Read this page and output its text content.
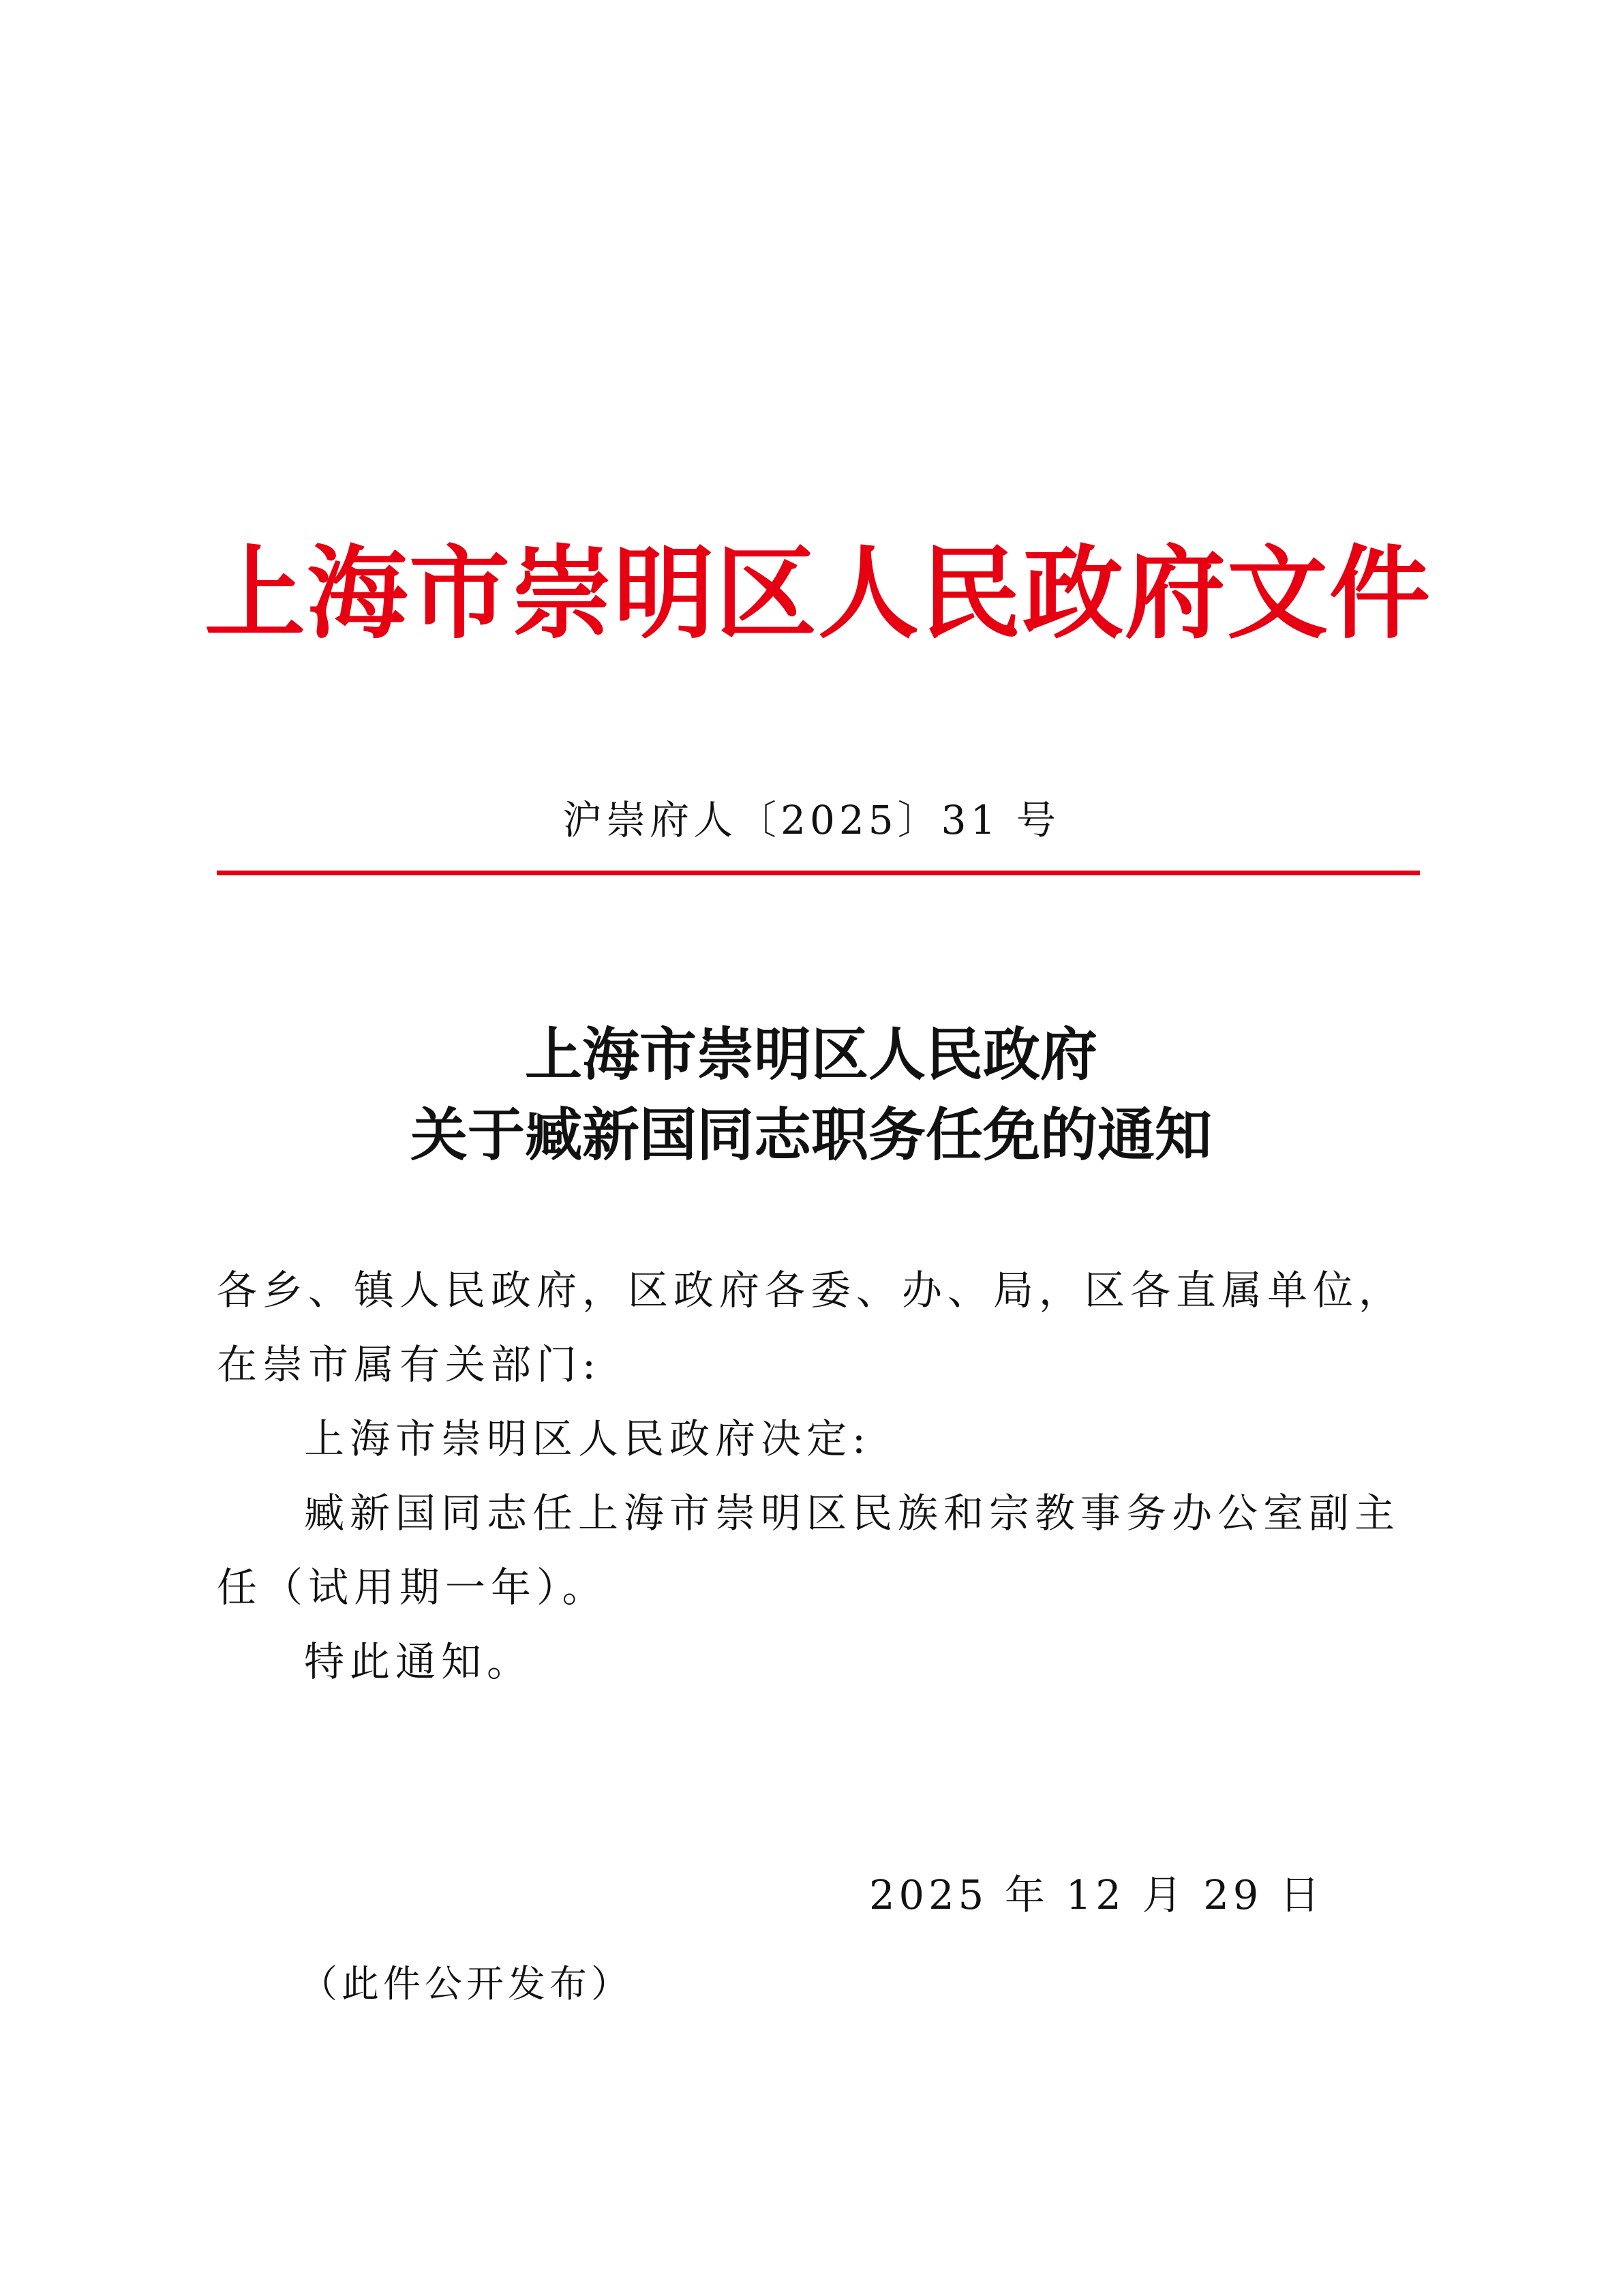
上海市崇明区人民政府文件
沪崇府人〔2025〕31 号
上海市崇明区人民政府
关于臧新国同志职务任免的通知

各乡、镇人民政府，区政府各委、办、局，区各直属单位，在崇市属有关部门:

上海市崇明区人民政府决定:

臧新国同志任上海市崇明区民族和宗教事务办公室副主任（试用期一年）。

特此通知。

2025 年 12 月 29 日
（此件公开发布）
